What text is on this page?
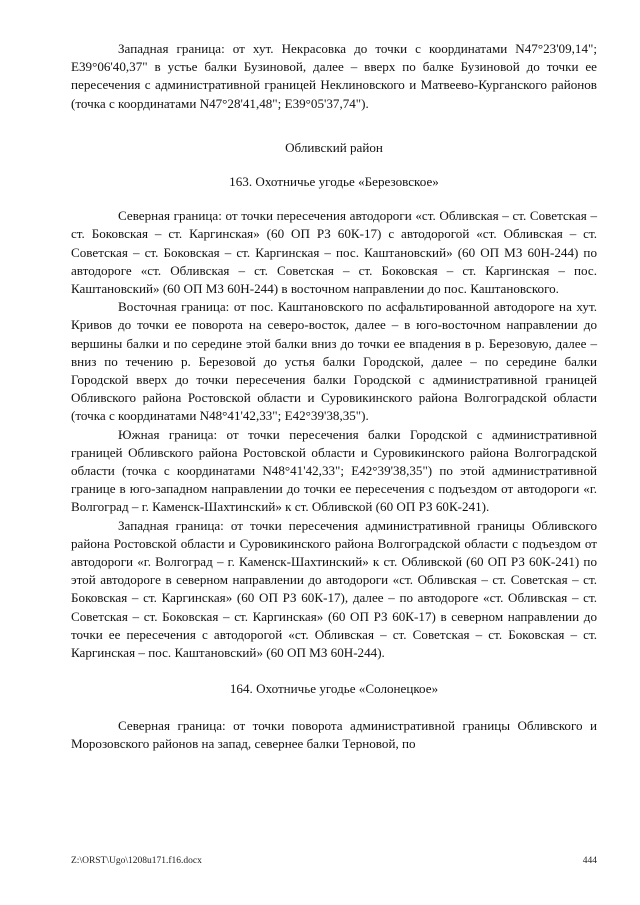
Западная граница: от хут. Некрасовка до точки с координатами N47°23'09,14"; E39°06'40,37" в устье балки Бузиновой, далее – вверх по балке Бузиновой до точки ее пересечения с административной границей Неклиновского и Матвеево-Курганского районов (точка с координатами N47°28'41,48"; E39°05'37,74").

Обливский район

163. Охотничье угодье «Березовское»

Северная граница: от точки пересечения автодороги «ст. Обливская – ст. Советская – ст. Боковская – ст. Каргинская» (60 ОП РЗ 60К-17) с автодорогой «ст. Обливская – ст. Советская – ст. Боковская – ст. Каргинская – пос. Каштановский» (60 ОП МЗ 60Н-244) по автодороге «ст. Обливская – ст. Советская – ст. Боковская – ст. Каргинская – пос. Каштановский» (60 ОП МЗ 60Н-244) в восточном направлении до пос. Каштановского.

Восточная граница: от пос. Каштановского по асфальтированной автодороге на хут. Кривов до точки ее поворота на северо-восток, далее – в юго-восточном направлении до вершины балки и по середине этой балки вниз до точки ее впадения в р. Березовую, далее – вниз по течению р. Березовой до устья балки Городской, далее – по середине балки Городской вверх до точки пересечения балки Городской с административной границей Обливского района Ростовской области и Суровикинского района Волгоградской области (точка с координатами N48°41'42,33"; E42°39'38,35").

Южная граница: от точки пересечения балки Городской с административной границей Обливского района Ростовской области и Суровикинского района Волгоградской области (точка с координатами N48°41'42,33"; E42°39'38,35") по этой административной границе в юго-западном направлении до точки ее пересечения с подъездом от автодороги «г. Волгоград – г. Каменск-Шахтинский» к ст. Обливской (60 ОП РЗ 60К-241).

Западная граница: от точки пересечения административной границы Обливского района Ростовской области и Суровикинского района Волгоградской области с подъездом от автодороги «г. Волгоград – г. Каменск-Шахтинский» к ст. Обливской (60 ОП РЗ 60К-241) по этой автодороге в северном направлении до автодороги «ст. Обливская – ст. Советская – ст. Боковская – ст. Каргинская» (60 ОП РЗ 60К-17), далее – по автодороге «ст. Обливская – ст. Советская – ст. Боковская – ст. Каргинская» (60 ОП РЗ 60К-17) в северном направлении до точки ее пересечения с автодорогой «ст. Обливская – ст. Советская – ст. Боковская – ст. Каргинская – пос. Каштановский» (60 ОП МЗ 60Н-244).

164. Охотничье угодье «Солонецкое»

Северная граница: от точки поворота административной границы Обливского и Морозовского районов на запад, севернее балки Терновой, по

Z:\ORST\Ugo\1208u171.f16.docx	444
